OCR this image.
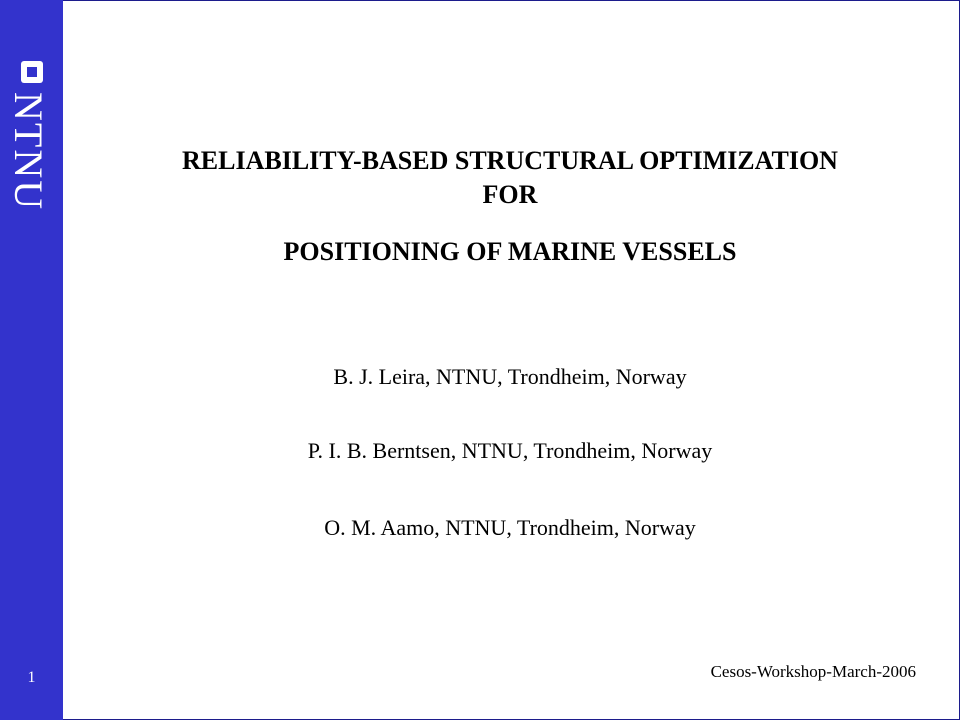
NTNU
1
RELIABILITY-BASED STRUCTURAL OPTIMIZATION
FOR
POSITIONING OF MARINE VESSELS
B. J. Leira, NTNU, Trondheim, Norway
P. I. B. Berntsen, NTNU, Trondheim, Norway
O. M. Aamo, NTNU, Trondheim, Norway
Cesos-Workshop-March-2006
